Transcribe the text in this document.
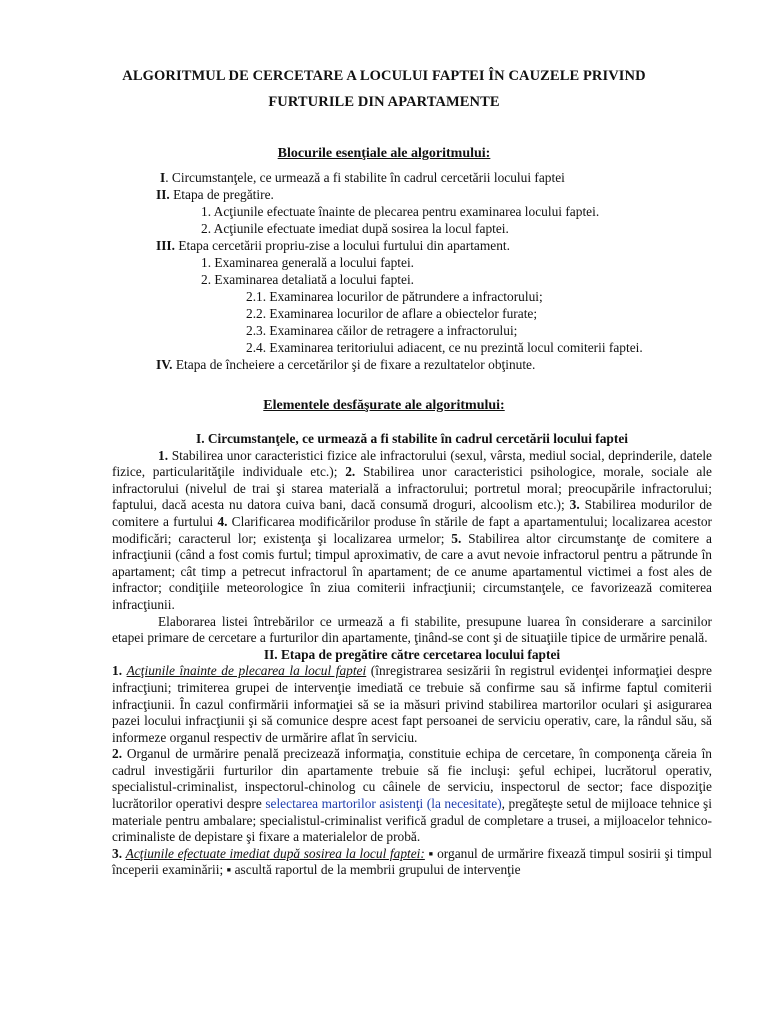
ALGORITMUL DE CERCETARE A LOCULUI FAPTEI ÎN CAUZELE PRIVIND
FURTURILE DIN APARTAMENTE
Blocurile esenţiale ale algoritmului:
I. Circumstanţele, ce urmează a fi stabilite în cadrul cercetării locului faptei
II. Etapa de pregătire.
1. Acţiunile efectuate înainte de plecarea pentru examinarea locului faptei.
2. Acţiunile efectuate imediat după sosirea la locul faptei.
III. Etapa cercetării propriu-zise a locului furtului din apartament.
1. Examinarea generală a locului faptei.
2. Examinarea detaliată a locului faptei.
2.1. Examinarea locurilor de pătrundere a infractorului;
2.2. Examinarea locurilor de aflare a obiectelor furate;
2.3. Examinarea căilor de retragere a infractorului;
2.4. Examinarea teritoriului adiacent, ce nu prezintă locul comiterii faptei.
IV. Etapa de încheiere a cercetărilor şi de fixare a rezultatelor obţinute.
Elementele desfăşurate ale algoritmului:

I. Circumstanţele, ce urmează a fi stabilite în cadrul cercetării locului faptei

1. Stabilirea unor caracteristici fizice ale infractorului (sexul, vârsta, mediul social, deprinderile, datele fizice, particularităţile individuale etc.); 2. Stabilirea unor caracteristici psihologice, morale, sociale ale infractorului (nivelul de trai şi starea materială a infractorului; portretul moral; preocupările infractorului; faptului, dacă acesta nu datora cuiva bani, dacă consumă droguri, alcoolism etc.); 3. Stabilirea modurilor de comitere a furtului 4. Clarificarea modificărilor produse în stările de fapt a apartamentului; localizarea acestor modificări; caracterul lor; existenţa şi localizarea urmelor; 5. Stabilirea altor circumstanţe de comitere a infracţiunii (când a fost comis furtul; timpul aproximativ, de care a avut nevoie infractorul pentru a pătrunde în apartament; cât timp a petrecut infractorul în apartament; de ce anume apartamentul victimei a fost ales de infractor; condiţiile meteorologice în ziua comiterii infracţiunii; circumstanţele, ce favorizează comiterea infracţiunii.

Elaborarea listei întrebărilor ce urmează a fi stabilite, presupune luarea în considerare a sarcinilor etapei primare de cercetare a furturilor din apartamente, ţinând-se cont şi de situaţiile tipice de urmărire penală.

II. Etapa de pregătire către cercetarea locului faptei

1. Acţiunile înainte de plecarea la locul faptei (înregistrarea sesizării în registrul evidenţei informaţiei despre infracţiuni; trimiterea grupei de intervenţie imediată ce trebuie să confirme sau să infirme faptul comiterii infracţiunii. În cazul confirmării informaţiei să se ia măsuri privind stabilirea martorilor oculari şi asigurarea pazei locului infracţiunii şi să comunice despre acest fapt persoanei de serviciu operativ, care, la rândul său, să informeze organul respectiv de urmărire aflat în serviciu.

2. Organul de urmărire penală precizează informaţia, constituie echipa de cercetare, în componenţa căreia în cadrul investigării furturilor din apartamente trebuie să fie incluşi: şeful echipei, lucrătorul operativ, specialistul-criminalist, inspectorul-chinolog cu câinele de serviciu, inspectorul de sector; face dispoziţie lucrătorilor operativi despre selectarea martorilor asistenţi (la necesitate), pregăteşte setul de mijloace tehnice şi materiale pentru ambalare; specialistul-criminalist verifică gradul de completare a trusei, a mijloacelor tehnico-criminaliste de depistare şi fixare a materialelor de probă.

3. Acţiunile efectuate imediat după sosirea la locul faptei: ▪ organul de urmărire fixează timpul sosirii şi timpul începerii examinării; ▪ ascultă raportul de la membrii grupului de intervenţie
